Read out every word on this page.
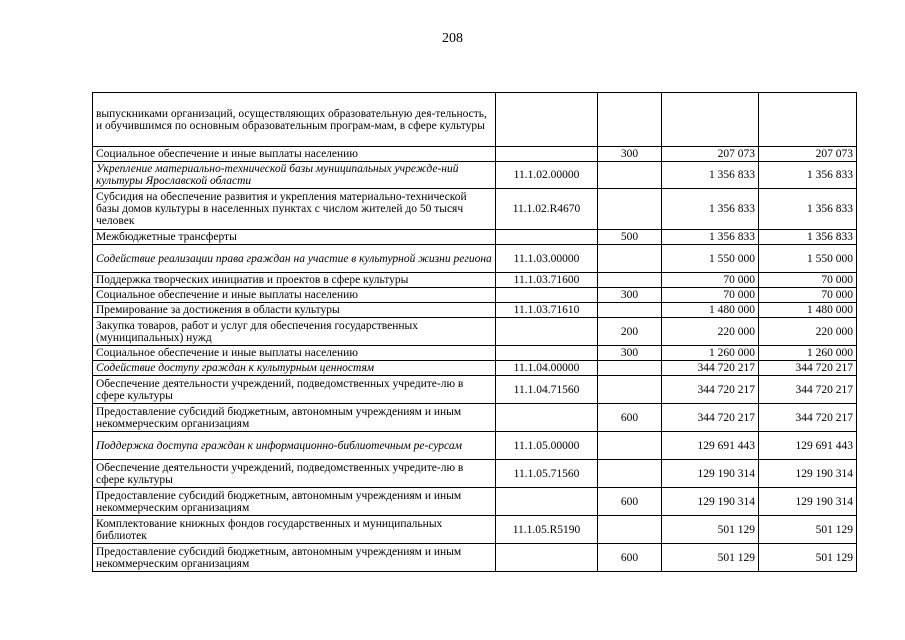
208
выпускниками организаций, осуществляющих образовательную дея-тельность, и обучившимся по основным образовательным програм-мам, в сфере культуры				
Социальное обеспечение и иные выплаты населению		300	207 073	207 073
Укрепление материально-технической базы муниципальных учрежде-ний культуры Ярославской области	11.1.02.00000		1 356 833	1 356 833
Субсидия на обеспечение развития и укрепления материально-технической базы домов культуры в населенных пунктах с числом жителей до 50 тысяч человек	11.1.02.R4670		1 356 833	1 356 833
Межбюджетные трансферты		500	1 356 833	1 356 833
Содействие реализации права граждан на участие в культурной жизни региона	11.1.03.00000		1 550 000	1 550 000
Поддержка творческих инициатив и проектов в сфере культуры	11.1.03.71600		70 000	70 000
Социальное обеспечение и иные выплаты населению		300	70 000	70 000
Премирование за достижения в области культуры	11.1.03.71610		1 480 000	1 480 000
Закупка товаров, работ и услуг для обеспечения государственных (муниципальных) нужд		200	220 000	220 000
Социальное обеспечение и иные выплаты населению		300	1 260 000	1 260 000
Содействие доступу граждан к культурным ценностям	11.1.04.00000		344 720 217	344 720 217
Обеспечение деятельности учреждений, подведомственных учредите-лю в сфере культуры	11.1.04.71560		344 720 217	344 720 217
Предоставление субсидий бюджетным, автономным учреждениям и иным некоммерческим организациям		600	344 720 217	344 720 217
Поддержка доступа граждан к информационно-библиотечным ре-сурсам	11.1.05.00000		129 691 443	129 691 443
Обеспечение деятельности учреждений, подведомственных учредите-лю в сфере культуры	11.1.05.71560		129 190 314	129 190 314
Предоставление субсидий бюджетным, автономным учреждениям и иным некоммерческим организациям		600	129 190 314	129 190 314
Комплектование книжных фондов государственных и муниципальных библиотек	11.1.05.R5190		501 129	501 129
Предоставление субсидий бюджетным, автономным учреждениям и иным некоммерческим организациям		600	501 129	501 129
